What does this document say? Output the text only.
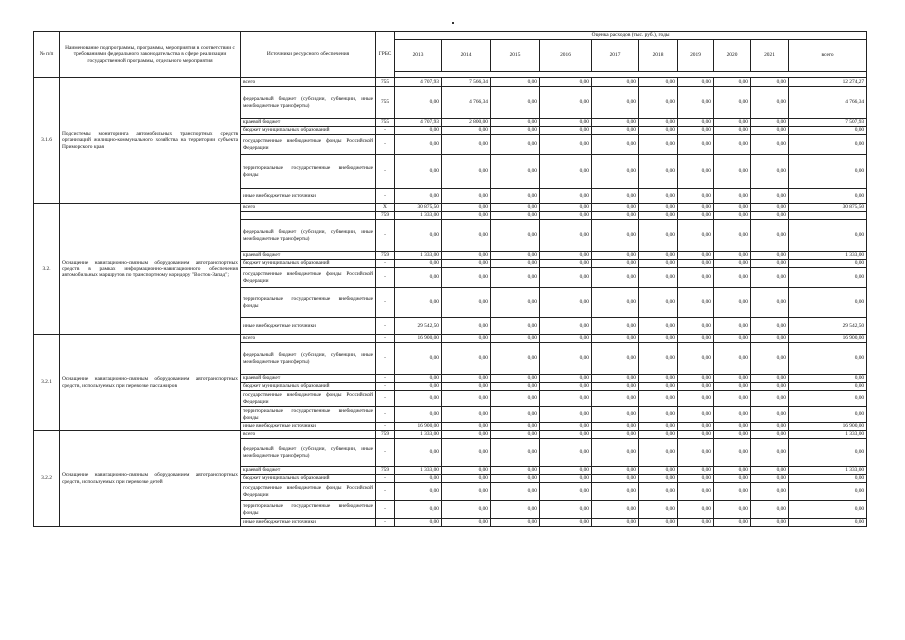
№ п/п	Наименование подпрограммы, программы, мероприятия в соответствии с требованиями федерального законодательства в сфере реализации государственной программы, отдельного мероприятия	Источники ресурсного обеспечения	ГРБС	Оценка расходов (тыс. руб.), годы									
				2013	2014	2015	2016	2017	2018	2019	2020	2021	всего

3.1.6	Подсистемы мониторинга автомобильных транспортных средств организаций жилищно-коммунального хозяйства на территории субъекта Приморского края	всего	755	4 707,93	7 566,34	0,00	0,00	0,00	0,00	0,00	0,00	0,00	12 274,27
		федеральный бюджет (субсидии, субвенции, иные межбюджетные трансферты)	755	0,00	4 766,34	0,00	0,00	0,00	0,00	0,00	0,00	0,00	4 766,34
		краевой бюджет	755	4 707,93	2 800,00	0,00	0,00	0,00	0,00	0,00	0,00	0,00	7 507,93
		бюджет муниципальных образований	-	0,00	0,00	0,00	0,00	0,00	0,00	0,00	0,00	0,00	0,00
		государственные внебюджетные фонды Российской Федерации	-	0,00	0,00	0,00	0,00	0,00	0,00	0,00	0,00	0,00	0,00
		территориальные государственные внебюджетные фонды	-	0,00	0,00	0,00	0,00	0,00	0,00	0,00	0,00	0,00	0,00
		иные внебюджетные источники	-	0,00	0,00	0,00	0,00	0,00	0,00	0,00	0,00	0,00	0,00
3.2.	Оснащение навигационно-связным оборудованием автотранспортных средств в рамках информационно-навигационного обеспечения автомобильных маршрутов по транспортному коридору "Восток-Запад";	всего	X	30 875,50	0,00	0,00	0,00	0,00	0,00	0,00	0,00	0,00	30 875,50
			759	1 333,00	0,00	0,00	0,00	0,00	0,00	0,00	0,00	0,00	
		федеральный бюджет (субсидии, субвенции, иные межбюджетные трансферты)	-	0,00	0,00	0,00	0,00	0,00	0,00	0,00	0,00	0,00	0,00
		краевой бюджет	759	1 333,00	0,00	0,00	0,00	0,00	0,00	0,00	0,00	0,00	1 333,00
		бюджет муниципальных образований	-	0,00	0,00	0,00	0,00	0,00	0,00	0,00	0,00	0,00	0,00
		государственные внебюджетные фонды Российской Федерации	-	0,00	0,00	0,00	0,00	0,00	0,00	0,00	0,00	0,00	0,00
		территориальные государственные внебюджетные фонды	-	0,00	0,00	0,00	0,00	0,00	0,00	0,00	0,00	0,00	0,00
		иные внебюджетные источники	-	29 542,50	0,00	0,00	0,00	0,00	0,00	0,00	0,00	0,00	29 542,50
3.2.1	Оснащение навигационно-связным оборудованием автотранспортных средств, используемых при перевозке пассажиров	всего	-	16 900,00	0,00	0,00	0,00	0,00	0,00	0,00	0,00	0,00	16 900,00
		федеральный бюджет (субсидии, субвенции, иные межбюджетные трансферты)	-	0,00	0,00	0,00	0,00	0,00	0,00	0,00	0,00	0,00	0,00
		краевой бюджет	-	0,00	0,00	0,00	0,00	0,00	0,00	0,00	0,00	0,00	0,00
		бюджет муниципальных образований	-	0,00	0,00	0,00	0,00	0,00	0,00	0,00	0,00	0,00	0,00
		государственные внебюджетные фонды Российской Федерации	-	0,00	0,00	0,00	0,00	0,00	0,00	0,00	0,00	0,00	0,00
		территориальные государственные внебюджетные фонды	-	0,00	0,00	0,00	0,00	0,00	0,00	0,00	0,00	0,00	0,00
		иные внебюджетные источники	-	16 900,00	0,00	0,00	0,00	0,00	0,00	0,00	0,00	0,00	16 900,00
3.2.2	Оснащение навигационно-связным оборудованием автотранспортных средств, используемых при перевозке детей	всего	759	1 333,00	0,00	0,00	0,00	0,00	0,00	0,00	0,00	0,00	1 333,00
		федеральный бюджет (субсидии, субвенции, иные межбюджетные трансферты)	-	0,00	0,00	0,00	0,00	0,00	0,00	0,00	0,00	0,00	0,00
		краевой бюджет	759	1 333,00	0,00	0,00	0,00	0,00	0,00	0,00	0,00	0,00	1 333,00
		бюджет муниципальных образований	-	0,00	0,00	0,00	0,00	0,00	0,00	0,00	0,00	0,00	0,00
		государственные внебюджетные фонды Российской Федерации	-	0,00	0,00	0,00	0,00	0,00	0,00	0,00	0,00	0,00	0,00
		территориальные государственные внебюджетные фонды	-	0,00	0,00	0,00	0,00	0,00	0,00	0,00	0,00	0,00	0,00
		иные внебюджетные источники	-	0,00	0,00	0,00	0,00	0,00	0,00	0,00	0,00	0,00	0,00
